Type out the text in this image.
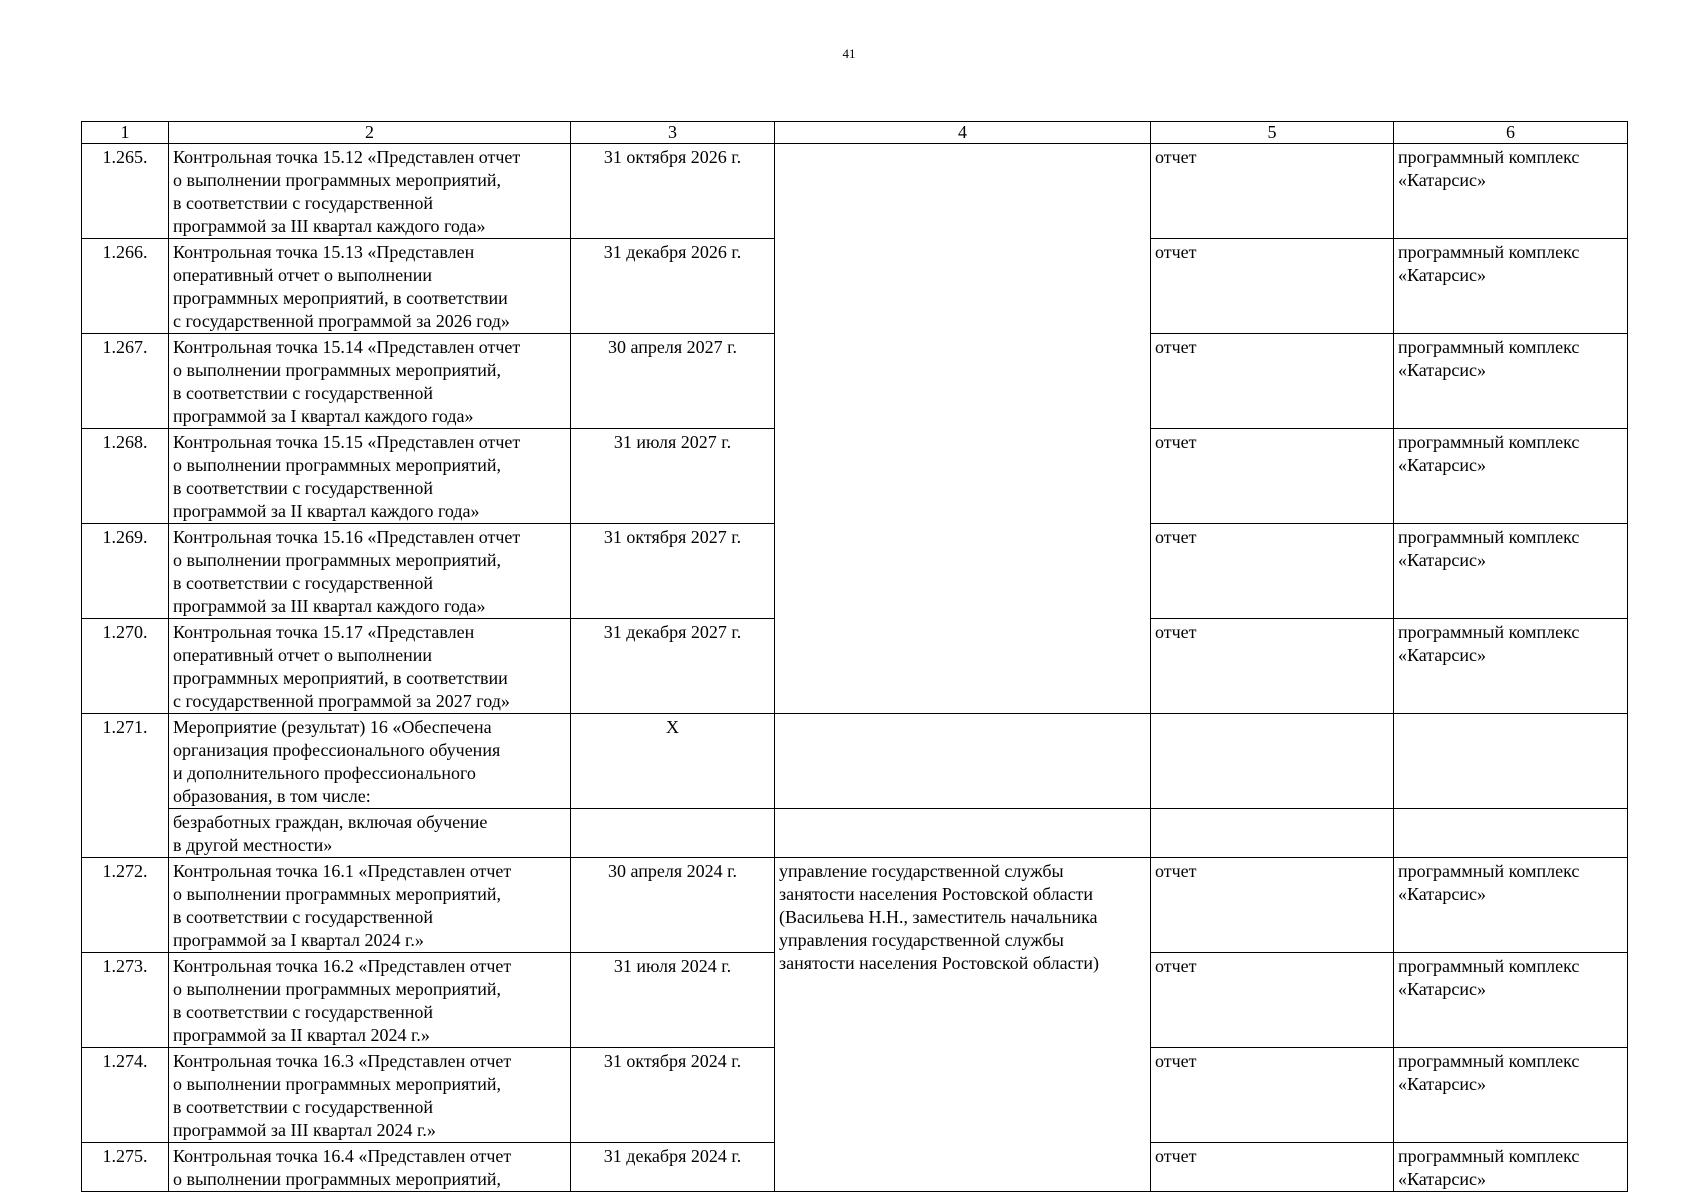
41
1	2	3	4	5	6
1.265.	Контрольная точка 15.12 «Представлен отчет
о выполнении программных мероприятий,
в соответствии с государственной
программой за III квартал каждого года»	31 октября 2026 г.		отчет	программный комплекс
«Катарсис»
1.266.	Контрольная точка 15.13 «Представлен
оперативный отчет о выполнении
программных мероприятий, в соответствии
с государственной программой за 2026 год»	31 декабря 2026 г.		отчет	программный комплекс
«Катарсис»
1.267.	Контрольная точка 15.14 «Представлен отчет
о выполнении программных мероприятий,
в соответствии с государственной
программой за I квартал каждого года»	30 апреля 2027 г.		отчет	программный комплекс
«Катарсис»
1.268.	Контрольная точка 15.15 «Представлен отчет
о выполнении программных мероприятий,
в соответствии с государственной
программой за II квартал каждого года»	31 июля 2027 г.		отчет	программный комплекс
«Катарсис»
1.269.	Контрольная точка 15.16 «Представлен отчет
о выполнении программных мероприятий,
в соответствии с государственной
программой за III квартал каждого года»	31 октября 2027 г.		отчет	программный комплекс
«Катарсис»
1.270.	Контрольная точка 15.17 «Представлен
оперативный отчет о выполнении
программных мероприятий, в соответствии
с государственной программой за 2027 год»	31 декабря 2027 г.		отчет	программный комплекс
«Катарсис»
1.271.	Мероприятие (результат) 16 «Обеспечена
организация профессионального обучения
и дополнительного профессионального
образования, в том числе:	X			
	безработных граждан, включая обучение
в другой местности»				
1.272.	Контрольная точка 16.1 «Представлен отчет
о выполнении программных мероприятий,
в соответствии с государственной
программой за I квартал 2024 г.»	30 апреля 2024 г.	управление государственной службы
занятости населения Ростовской области
(Васильева Н.Н., заместитель начальника
управления государственной службы
занятости населения Ростовской области)	отчет	программный комплекс
«Катарсис»
1.273.	Контрольная точка 16.2 «Представлен отчет
о выполнении программных мероприятий,
в соответствии с государственной
программой за II квартал 2024 г.»	31 июля 2024 г.		отчет	программный комплекс
«Катарсис»
1.274.	Контрольная точка 16.3 «Представлен отчет
о выполнении программных мероприятий,
в соответствии с государственной
программой за III квартал 2024 г.»	31 октября 2024 г.		отчет	программный комплекс
«Катарсис»
1.275.	Контрольная точка 16.4 «Представлен отчет
о выполнении программных мероприятий,	31 декабря 2024 г.		отчет	программный комплекс
«Катарсис»
